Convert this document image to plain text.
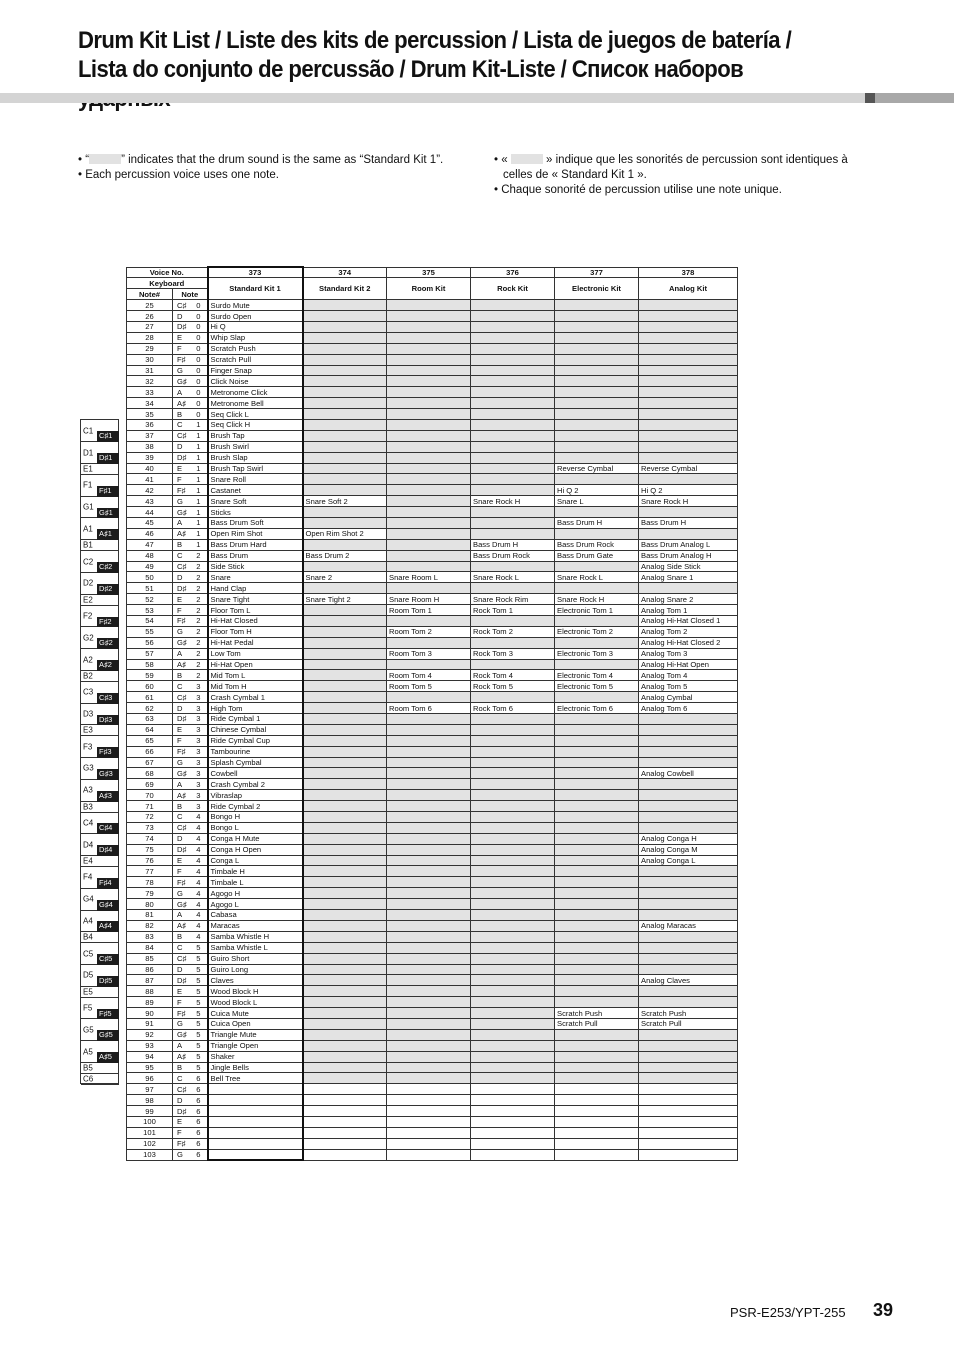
Drum Kit List / Liste des kits de percussion / Lista de juegos de batería / Lista do conjunto de percussão / Drum Kit-Liste / Список наборов
• “	” indicates that the drum sound is the same as “Standard Kit 1”.
• Each percussion voice uses one note.
• «	» indique que les sonorités de percussion sont identiques à
celles de « Standard Kit 1 ».
• Chaque sonorité de percussion utilise une note unique.
C1
D1
E1
F1
G1
A1
B1
C2
D2
E2
F2
G2
A2
B2
C3
D3
E3
F3
G3
A3
B3
C4
D4
E4
F4
G4
A4
B4
C5
D5
E5
F5
G5
A5
B5
C6
C♯1
D♯1
F♯1
G♯1
A♯1
C♯2
D♯2
F♯2
G♯2
A♯2
C♯3
D♯3
F♯3
G♯3
A♯3
C♯4
D♯4
F♯4
G♯4
A♯4
C♯5
D♯5
F♯5
G♯5
A♯5
Voice No.			373	374	375	376	377	378
Keyboard			Standard Kit 1	Standard Kit 2	Room Kit	Rock Kit	Electronic Kit	Analog Kit
Note#	Note							
25	C♯	0	Surdo Mute					
26	D	0	Surdo Open					
27	D♯	0	Hi Q					
28	E	0	Whip Slap					
29	F	0	Scratch Push					
30	F♯	0	Scratch Pull					
31	G	0	Finger Snap					
32	G♯	0	Click Noise					
33	A	0	Metronome Click					
34	A♯	0	Metronome Bell					
35	B	0	Seq Click L					
36	C	1	Seq Click H					
37	C♯	1	Brush Tap					
38	D	1	Brush Swirl					
39	D♯	1	Brush Slap					
40	E	1	Brush Tap Swirl				Reverse Cymbal	Reverse Cymbal
41	F	1	Snare Roll					
42	F♯	1	Castanet				Hi Q 2	Hi Q 2
43	G	1	Snare Soft	Snare Soft 2		Snare Rock H	Snare L	Snare Rock H
44	G♯	1	Sticks					
45	A	1	Bass Drum Soft				Bass Drum H	Bass Drum H
46	A♯	1	Open Rim Shot	Open Rim Shot 2				
47	B	1	Bass Drum Hard			Bass Drum H	Bass Drum Rock	Bass Drum Analog L
48	C	2	Bass Drum	Bass Drum 2		Bass Drum Rock	Bass Drum Gate	Bass Drum Analog H
49	C♯	2	Side Stick					Analog Side Stick
50	D	2	Snare	Snare 2	Snare Room L	Snare Rock L	Snare Rock L	Analog Snare 1
51	D♯	2	Hand Clap					
52	E	2	Snare Tight	Snare Tight 2	Snare Room H	Snare Rock Rim	Snare Rock H	Analog Snare 2
53	F	2	Floor Tom L		Room Tom 1	Rock Tom 1	Electronic Tom 1	Analog Tom 1
54	F♯	2	Hi-Hat Closed					Analog Hi-Hat Closed 1
55	G	2	Floor Tom H		Room Tom 2	Rock Tom 2	Electronic Tom 2	Analog Tom 2
56	G♯	2	Hi-Hat Pedal					Analog Hi-Hat Closed 2
57	A	2	Low Tom		Room Tom 3	Rock Tom 3	Electronic Tom 3	Analog Tom 3
58	A♯	2	Hi-Hat Open					Analog Hi-Hat Open
59	B	2	Mid Tom L		Room Tom 4	Rock Tom 4	Electronic Tom 4	Analog Tom 4
60	C	3	Mid Tom H		Room Tom 5	Rock Tom 5	Electronic Tom 5	Analog Tom 5
61	C♯	3	Crash Cymbal 1					Analog Cymbal
62	D	3	High Tom		Room Tom 6	Rock Tom 6	Electronic Tom 6	Analog Tom 6
63	D♯	3	Ride Cymbal 1					
64	E	3	Chinese Cymbal					
65	F	3	Ride Cymbal Cup					
66	F♯	3	Tambourine					
67	G	3	Splash Cymbal					
68	G♯	3	Cowbell					Analog Cowbell
69	A	3	Crash Cymbal 2					
70	A♯	3	Vibraslap					
71	B	3	Ride Cymbal 2					
72	C	4	Bongo H					
73	C♯	4	Bongo L					
74	D	4	Conga H Mute					Analog Conga H
75	D♯	4	Conga H Open					Analog Conga M
76	E	4	Conga L					Analog Conga L
77	F	4	Timbale H					
78	F♯	4	Timbale L					
79	G	4	Agogo H					
80	G♯	4	Agogo L					
81	A	4	Cabasa					
82	A♯	4	Maracas					Analog Maracas
83	B	4	Samba Whistle H					
84	C	5	Samba Whistle L					
85	C♯	5	Guiro Short					
86	D	5	Guiro Long					
87	D♯	5	Claves					Analog Claves
88	E	5	Wood Block H					
89	F	5	Wood Block L					
90	F♯	5	Cuica Mute				Scratch Push	Scratch Push
91	G	5	Cuica Open				Scratch Pull	Scratch Pull
92	G♯	5	Triangle Mute					
93	A	5	Triangle Open					
94	A♯	5	Shaker					
95	B	5	Jingle Bells					
96	C	6	Bell Tree					
97	C♯	6						
98	D	6						
99	D♯	6						
100	E	6						
101	F	6						
102	F♯	6						
103	G	6						
PSR-E253/YPT-255 39
